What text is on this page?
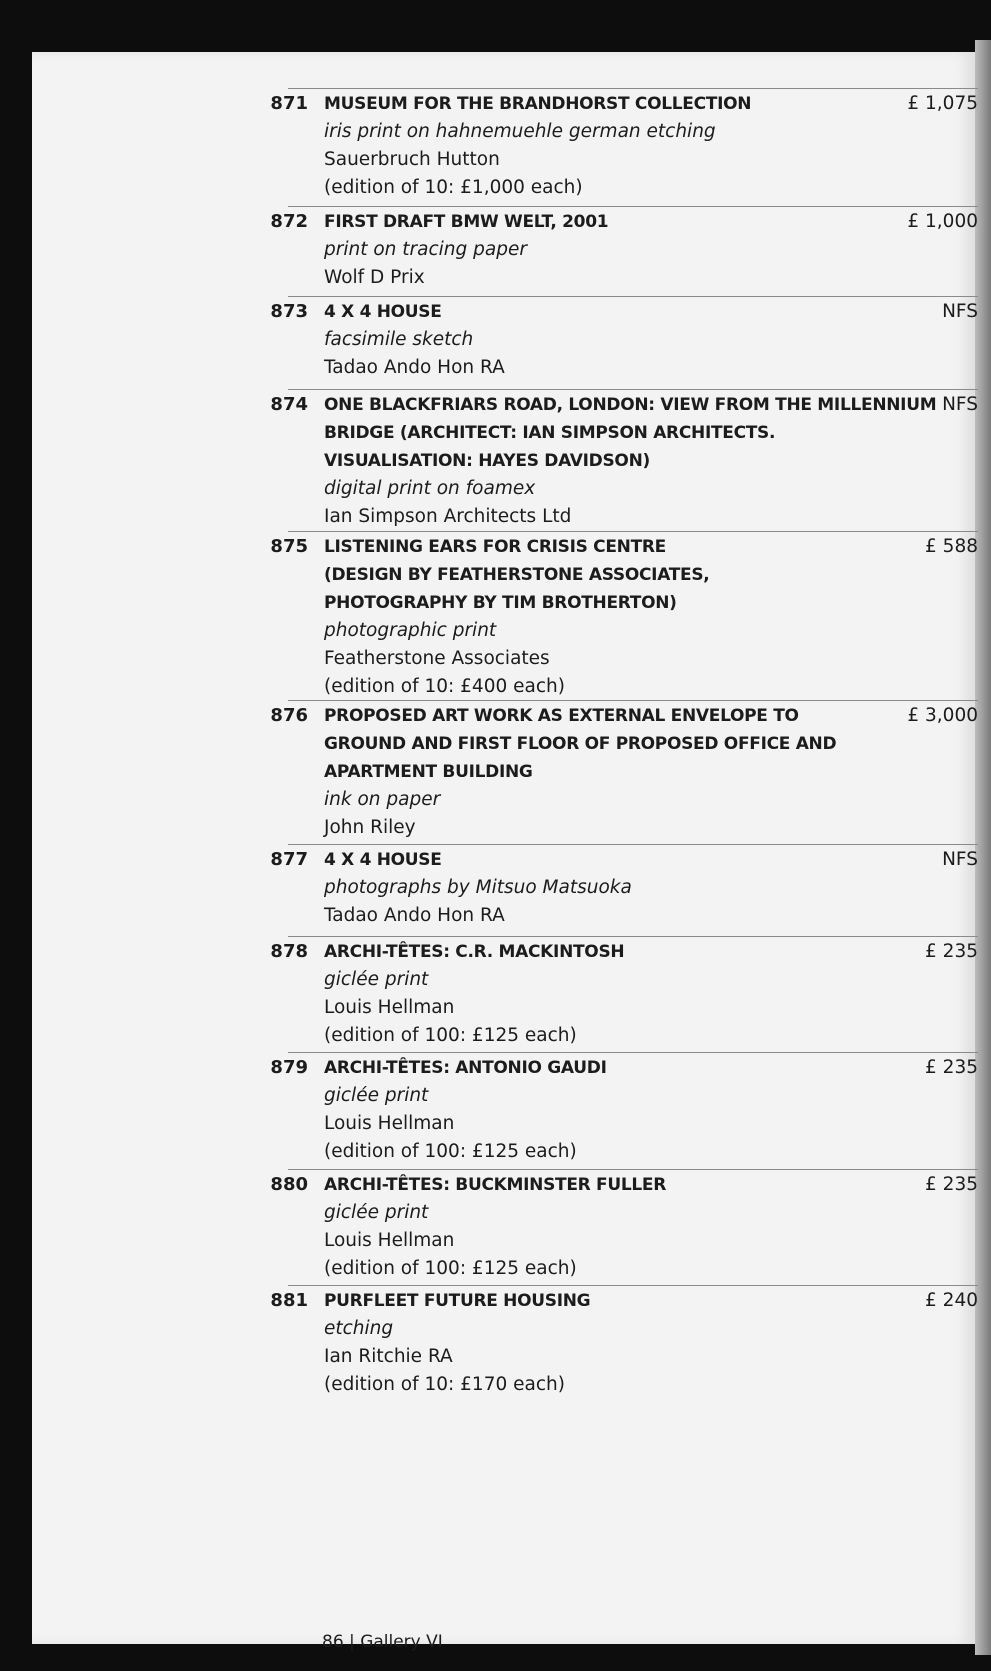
871 MUSEUM FOR THE BRANDHORST COLLECTION
iris print on hahnemuehle german etching
Sauerbruch Hutton
(edition of 10: £1,000 each)
£ 1,075
872 FIRST DRAFT BMW WELT, 2001
print on tracing paper
Wolf D Prix
£ 1,000
873 4 X 4 HOUSE
facsimile sketch
Tadao Ando Hon RA
NFS
874 ONE BLACKFRIARS ROAD, LONDON: VIEW FROM THE MILLENNIUM
BRIDGE (ARCHITECT: IAN SIMPSON ARCHITECTS.
VISUALISATION: HAYES DAVIDSON)
digital print on foamex
Ian Simpson Architects Ltd
NFS
875 LISTENING EARS FOR CRISIS CENTRE
(DESIGN BY FEATHERSTONE ASSOCIATES,
PHOTOGRAPHY BY TIM BROTHERTON)
photographic print
Featherstone Associates
(edition of 10: £400 each)
£ 588
876 PROPOSED ART WORK AS EXTERNAL ENVELOPE TO
GROUND AND FIRST FLOOR OF PROPOSED OFFICE AND
APARTMENT BUILDING
ink on paper
John Riley
£ 3,000
877 4 X 4 HOUSE
photographs by Mitsuo Matsuoka
Tadao Ando Hon RA
NFS
878 ARCHI-TÊTES: C.R. MACKINTOSH
giclée print
Louis Hellman
(edition of 100: £125 each)
£ 235
879 ARCHI-TÊTES: ANTONIO GAUDI
giclée print
Louis Hellman
(edition of 100: £125 each)
£ 235
880 ARCHI-TÊTES: BUCKMINSTER FULLER
giclée print
Louis Hellman
(edition of 100: £125 each)
£ 235
881 PURFLEET FUTURE HOUSING
etching
Ian Ritchie RA
(edition of 10: £170 each)
£ 240
86 | Gallery VI
